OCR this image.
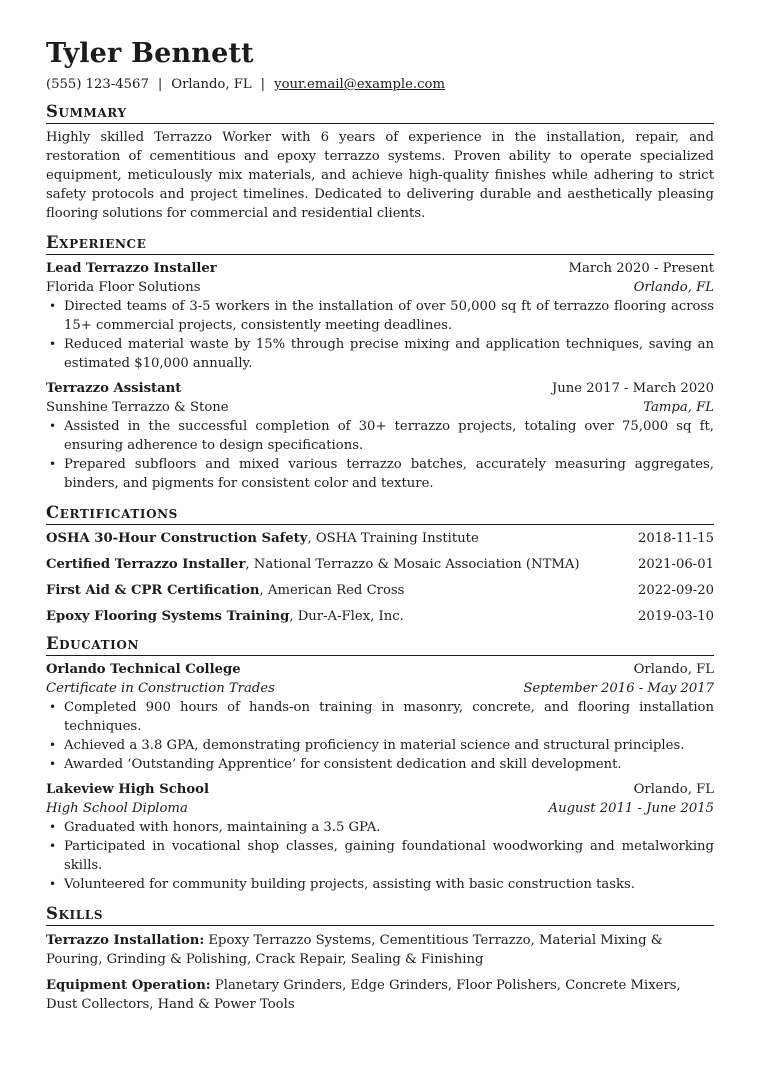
Tyler Bennett
(555) 123-4567 | Orlando, FL | your.email@example.com
Summary
Highly skilled Terrazzo Worker with 6 years of experience in the installation, repair, and restoration of cementitious and epoxy terrazzo systems. Proven ability to operate specialized equipment, meticulously mix materials, and achieve high-quality finishes while adhering to strict safety protocols and project timelines. Dedicated to delivering durable and aesthetically pleasing flooring solutions for commercial and residential clients.
Experience
Lead Terrazzo Installer	March 2020 - Present
Florida Floor Solutions	Orlando, FL
• Directed teams of 3-5 workers in the installation of over 50,000 sq ft of terrazzo flooring across 15+ commercial projects, consistently meeting deadlines.
• Reduced material waste by 15% through precise mixing and application techniques, saving an estimated $10,000 annually.
Terrazzo Assistant	June 2017 - March 2020
Sunshine Terrazzo & Stone	Tampa, FL
• Assisted in the successful completion of 30+ terrazzo projects, totaling over 75,000 sq ft, ensuring adherence to design specifications.
• Prepared subfloors and mixed various terrazzo batches, accurately measuring aggregates, binders, and pigments for consistent color and texture.
Certifications
OSHA 30-Hour Construction Safety, OSHA Training Institute	2018-11-15
Certified Terrazzo Installer, National Terrazzo & Mosaic Association (NTMA)	2021-06-01
First Aid & CPR Certification, American Red Cross	2022-09-20
Epoxy Flooring Systems Training, Dur-A-Flex, Inc.	2019-03-10
Education
Orlando Technical College	Orlando, FL
Certificate in Construction Trades	September 2016 - May 2017
• Completed 900 hours of hands-on training in masonry, concrete, and flooring installation techniques.
• Achieved a 3.8 GPA, demonstrating proficiency in material science and structural principles.
• Awarded ‘Outstanding Apprentice’ for consistent dedication and skill development.
Lakeview High School	Orlando, FL
High School Diploma	August 2011 - June 2015
• Graduated with honors, maintaining a 3.5 GPA.
• Participated in vocational shop classes, gaining foundational woodworking and metalworking skills.
• Volunteered for community building projects, assisting with basic construction tasks.
Skills
Terrazzo Installation: Epoxy Terrazzo Systems, Cementitious Terrazzo, Material Mixing & Pouring, Grinding & Polishing, Crack Repair, Sealing & Finishing
Equipment Operation: Planetary Grinders, Edge Grinders, Floor Polishers, Concrete Mixers, Dust Collectors, Hand & Power Tools
